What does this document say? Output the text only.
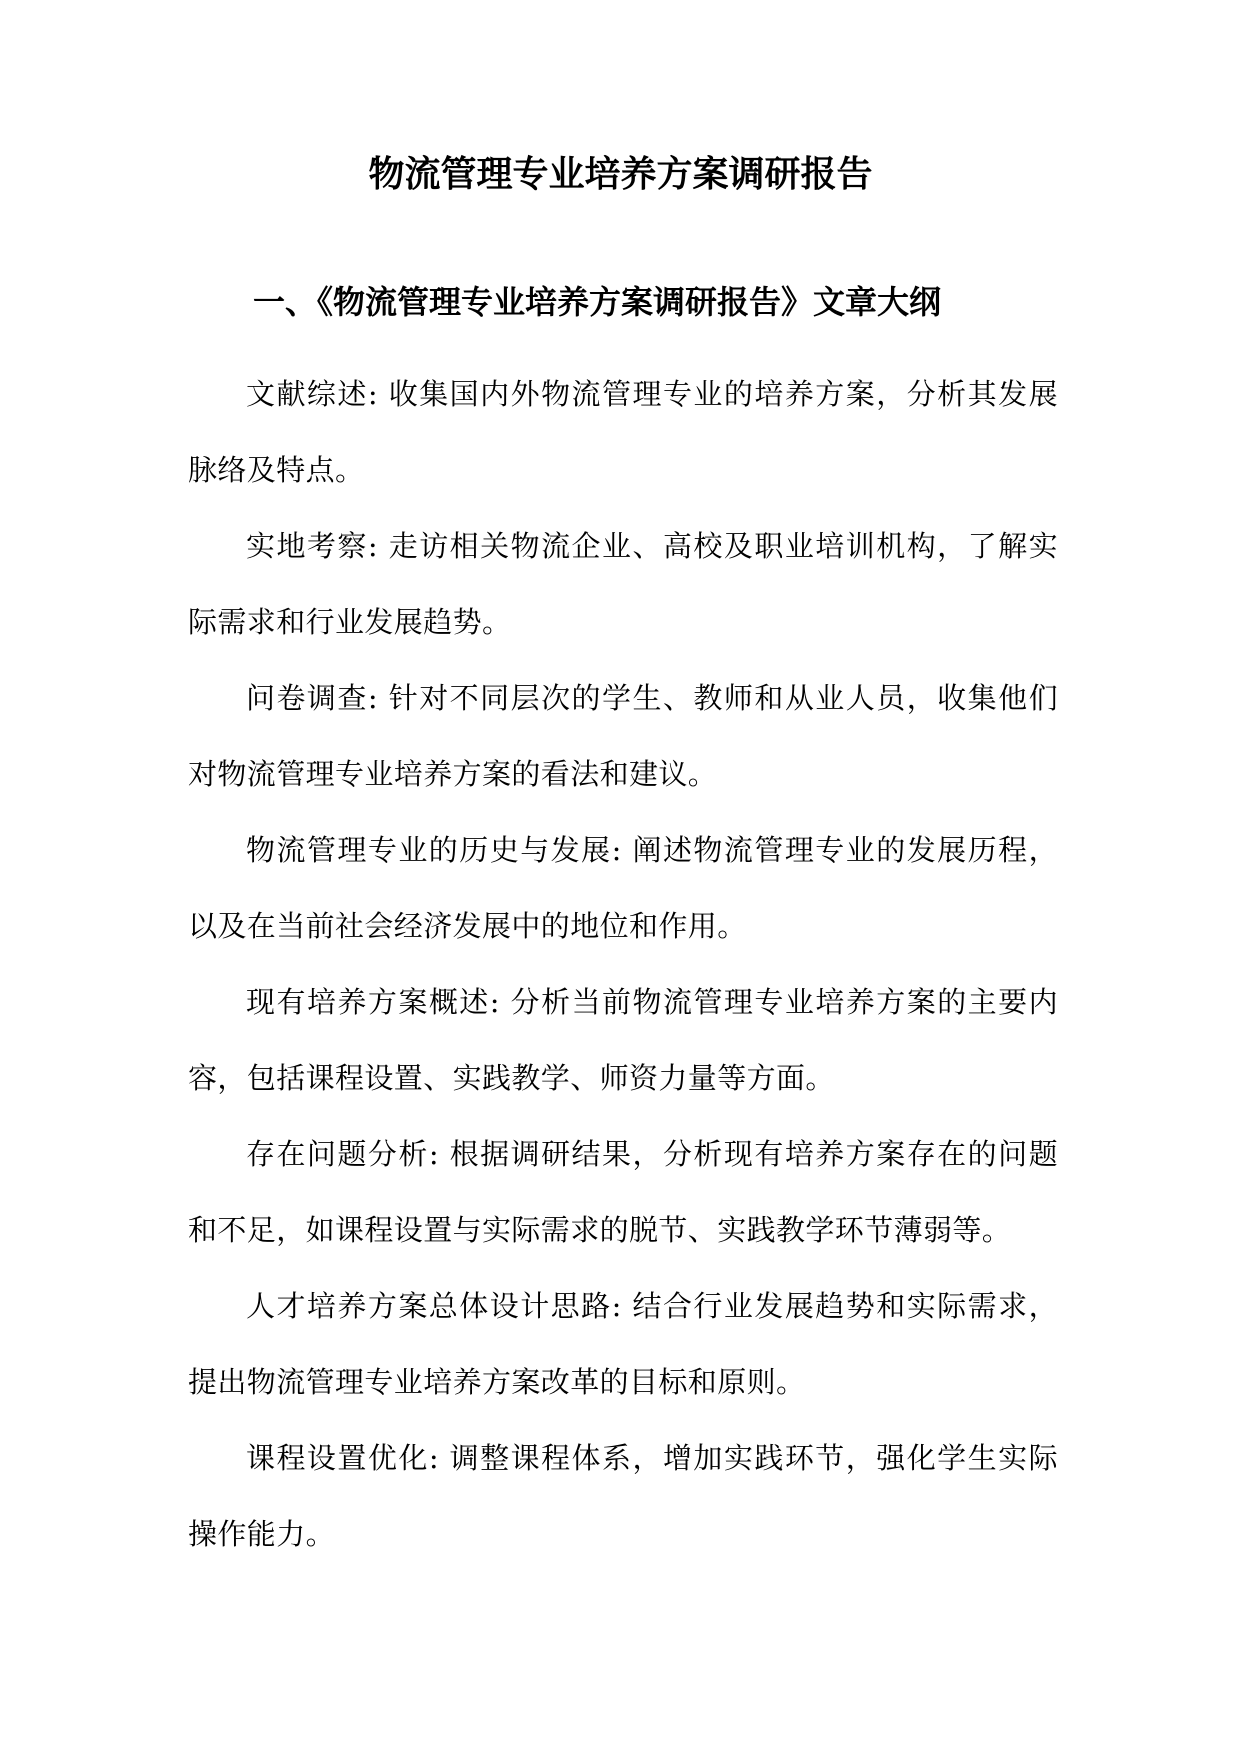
物流管理专业培养方案调研报告
一、《物流管理专业培养方案调研报告》文章大纲

文献综述: 收集国内外物流管理专业的培养方案，分析其发展脉络及特点。

实地考察: 走访相关物流企业、高校及职业培训机构，了解实际需求和行业发展趋势。

问卷调查: 针对不同层次的学生、教师和从业人员，收集他们对物流管理专业培养方案的看法和建议。

物流管理专业的历史与发展: 阐述物流管理专业的发展历程，以及在当前社会经济发展中的地位和作用。

现有培养方案概述: 分析当前物流管理专业培养方案的主要内容，包括课程设置、实践教学、师资力量等方面。

存在问题分析: 根据调研结果，分析现有培养方案存在的问题和不足，如课程设置与实际需求的脱节、实践教学环节薄弱等。

人才培养方案总体设计思路: 结合行业发展趋势和实际需求，提出物流管理专业培养方案改革的目标和原则。

课程设置优化: 调整课程体系，增加实践环节，强化学生实际操作能力。
